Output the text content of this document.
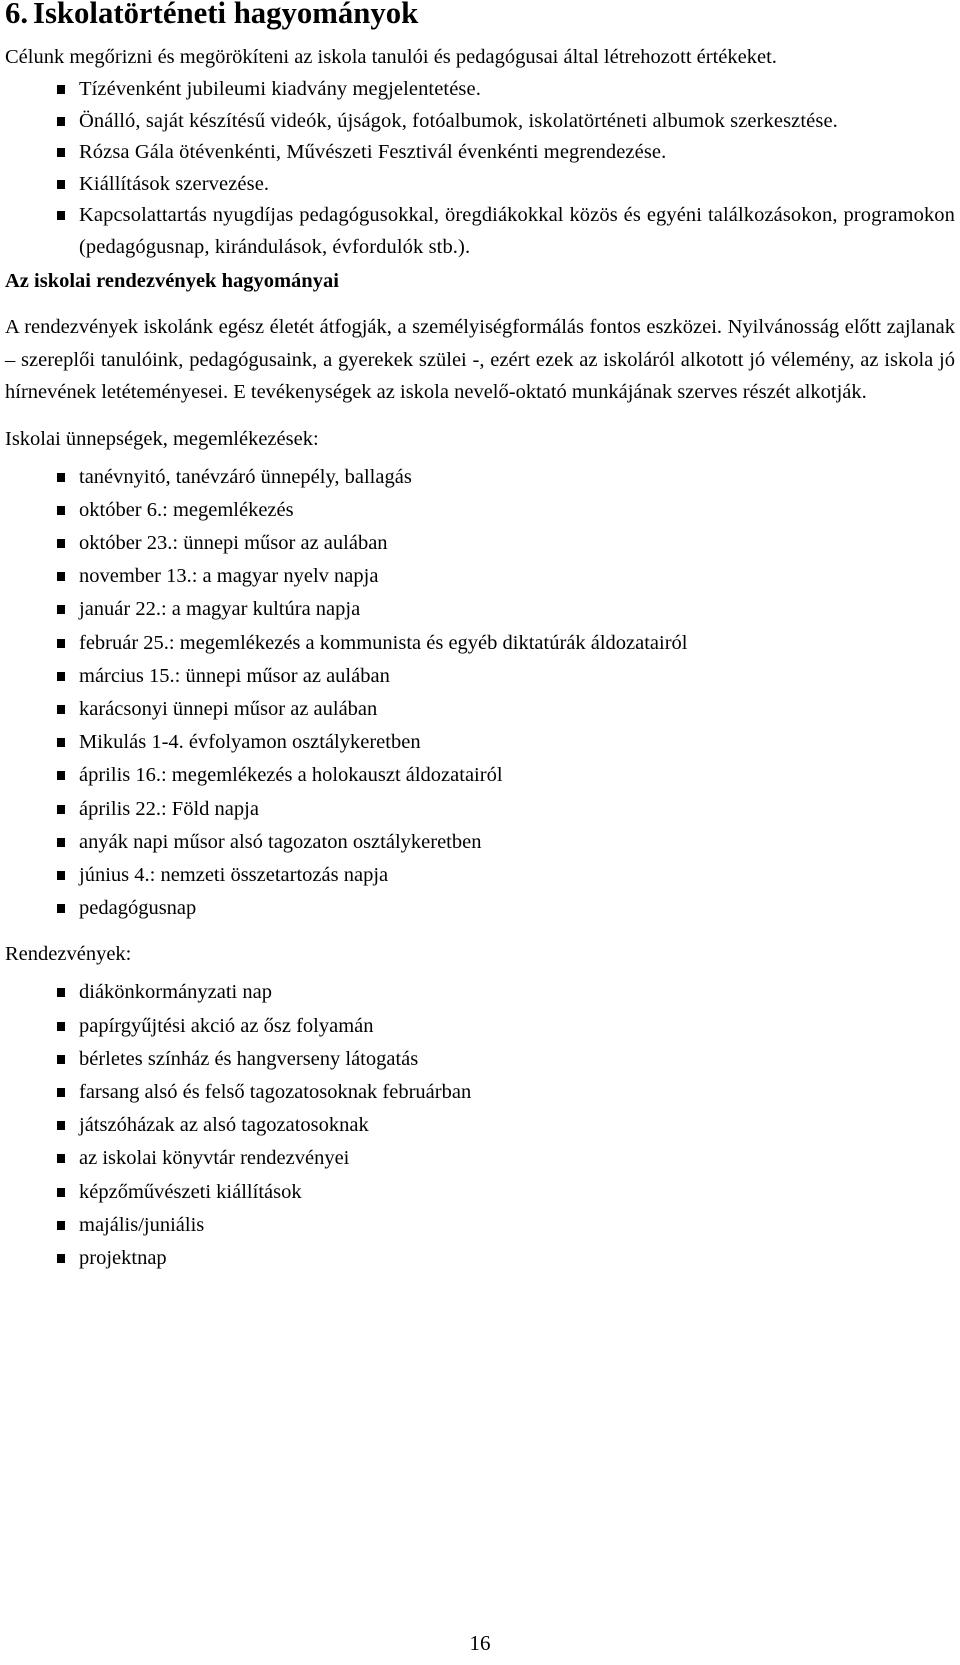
6. Iskolatörténeti hagyományok

Célunk megőrizni és megörökíteni az iskola tanulói és pedagógusai által létrehozott értékeket.

Tízévenként jubileumi kiadvány megjelentetése.
Önálló, saját készítésű videók, újságok, fotóalbumok, iskolatörténeti albumok szerkesztése.
Rózsa Gála ötévenkénti, Művészeti Fesztivál évenkénti megrendezése.
Kiállítások szervezése.
Kapcsolattartás nyugdíjas pedagógusokkal, öregdiákokkal közös és egyéni találkozásokon, programokon (pedagógusnap, kirándulások, évfordulók stb.).

Az iskolai rendezvények hagyományai

A rendezvények iskolánk egész életét átfogják, a személyiségformálás fontos eszközei. Nyilvánosság előtt zajlanak – szereplői tanulóink, pedagógusaink, a gyerekek szülei -, ezért ezek az iskoláról alkotott jó vélemény, az iskola jó hírnevének letéteményesei. E tevékenységek az iskola nevelő-oktató munkájának szerves részét alkotják.

Iskolai ünnepségek, megemlékezések:

tanévnyitó, tanévzáró ünnepély, ballagás
október 6.: megemlékezés
október 23.: ünnepi műsor az aulában
november 13.: a magyar nyelv napja
január 22.: a magyar kultúra napja
február 25.: megemlékezés a kommunista és egyéb diktatúrák áldozatairól
március 15.: ünnepi műsor az aulában
karácsonyi ünnepi műsor az aulában
Mikulás 1-4. évfolyamon osztálykeretben
április 16.: megemlékezés a holokauszt áldozatairól
április 22.: Föld napja
anyák napi műsor alsó tagozaton osztálykeretben
június 4.: nemzeti összetartozás napja
pedagógusnap

Rendezvények:

diákönkormányzati nap
papírgyűjtési akció az ősz folyamán
bérletes színház és hangverseny látogatás
farsang alsó és felső tagozatosoknak februárban
játszóházak az alsó tagozatosoknak
az iskolai könyvtár rendezvényei
képzőművészeti kiállítások
majális/juniális
projektnap
16
